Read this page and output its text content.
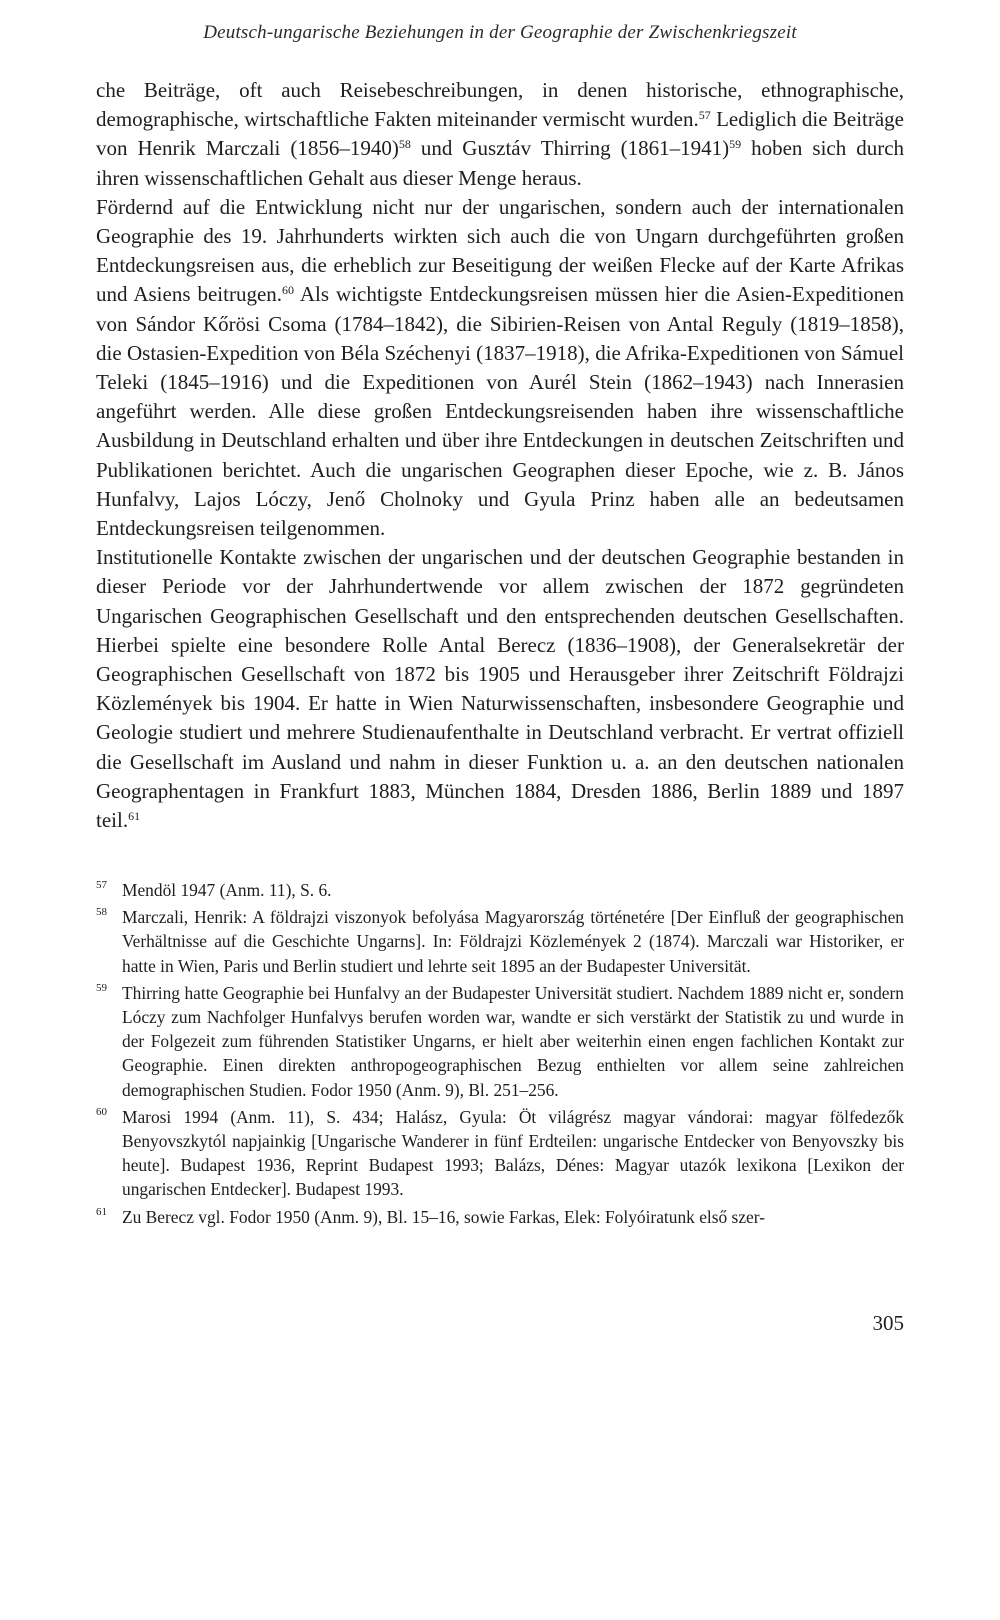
Deutsch-ungarische Beziehungen in der Geographie der Zwischenkriegszeit

che Beiträge, oft auch Reisebeschreibungen, in denen historische, ethnographische, demographische, wirtschaftliche Fakten miteinander vermischt wurden.$^{57}$ Lediglich die Beiträge von Henrik Marczali (1856–1940)$^{58}$ und Gusztáv Thirring (1861–1941)$^{59}$ hoben sich durch ihren wissenschaftlichen Gehalt aus dieser Menge heraus.

Fördernd auf die Entwicklung nicht nur der ungarischen, sondern auch der internationalen Geographie des 19. Jahrhunderts wirkten sich auch die von Ungarn durchgeführten großen Entdeckungsreisen aus, die erheblich zur Beseitigung der weißen Flecke auf der Karte Afrikas und Asiens beitrugen.$^{60}$ Als wichtigste Entdeckungsreisen müssen hier die Asien-Expeditionen von Sándor Kőrösi Csoma (1784–1842), die Sibirien-Reisen von Antal Reguly (1819–1858), die Ostasien-Expedition von Béla Széchenyi (1837–1918), die Afrika-Expeditionen von Sámuel Teleki (1845–1916) und die Expeditionen von Aurél Stein (1862–1943) nach Innerasien angeführt werden. Alle diese großen Entdeckungsreisenden haben ihre wissenschaftliche Ausbildung in Deutschland erhalten und über ihre Entdeckungen in deutschen Zeitschriften und Publikationen berichtet. Auch die ungarischen Geographen dieser Epoche, wie z. B. János Hunfalvy, Lajos Lóczy, Jenő Cholnoky und Gyula Prinz haben alle an bedeutsamen Entdeckungsreisen teilgenommen.

Institutionelle Kontakte zwischen der ungarischen und der deutschen Geographie bestanden in dieser Periode vor der Jahrhundertwende vor allem zwischen der 1872 gegründeten Ungarischen Geographischen Gesellschaft und den entsprechenden deutschen Gesellschaften. Hierbei spielte eine besondere Rolle Antal Berecz (1836–1908), der Generalsekretär der Geographischen Gesellschaft von 1872 bis 1905 und Herausgeber ihrer Zeitschrift Földrajzi Közlemények bis 1904. Er hatte in Wien Naturwissenschaften, insbesondere Geographie und Geologie studiert und mehrere Studienaufenthalte in Deutschland verbracht. Er vertrat offiziell die Gesellschaft im Ausland und nahm in dieser Funktion u. a. an den deutschen nationalen Geographentagen in Frankfurt 1883, München 1884, Dresden 1886, Berlin 1889 und 1897 teil.$^{61}$

57 Mendöl 1947 (Anm. 11), S. 6.
58 Marczali, Henrik: A földrajzi viszonyok befolyása Magyarország történetére [Der Einfluß der geographischen Verhältnisse auf die Geschichte Ungarns]. In: Földrajzi Közlemények 2 (1874). Marczali war Historiker, er hatte in Wien, Paris und Berlin studiert und lehrte seit 1895 an der Budapester Universität.
59 Thirring hatte Geographie bei Hunfalvy an der Budapester Universität studiert. Nachdem 1889 nicht er, sondern Lóczy zum Nachfolger Hunfalvys berufen worden war, wandte er sich verstärkt der Statistik zu und wurde in der Folgezeit zum führenden Statistiker Ungarns, er hielt aber weiterhin einen engen fachlichen Kontakt zur Geographie. Einen direkten anthropogeographischen Bezug enthielten vor allem seine zahlreichen demographischen Studien. Fodor 1950 (Anm. 9), Bl. 251–256.
60 Marosi 1994 (Anm. 11), S. 434; Halász, Gyula: Öt világrész magyar vándorai: magyar fölfedezők Benyovszkytól napjainkig [Ungarische Wanderer in fünf Erdteilen: ungarische Entdecker von Benyovszky bis heute]. Budapest 1936, Reprint Budapest 1993; Balázs, Dénes: Magyar utazók lexikona [Lexikon der ungarischen Entdecker]. Budapest 1993.
61 Zu Berecz vgl. Fodor 1950 (Anm. 9), Bl. 15–16, sowie Farkas, Elek: Folyóiratunk első szer-
305
